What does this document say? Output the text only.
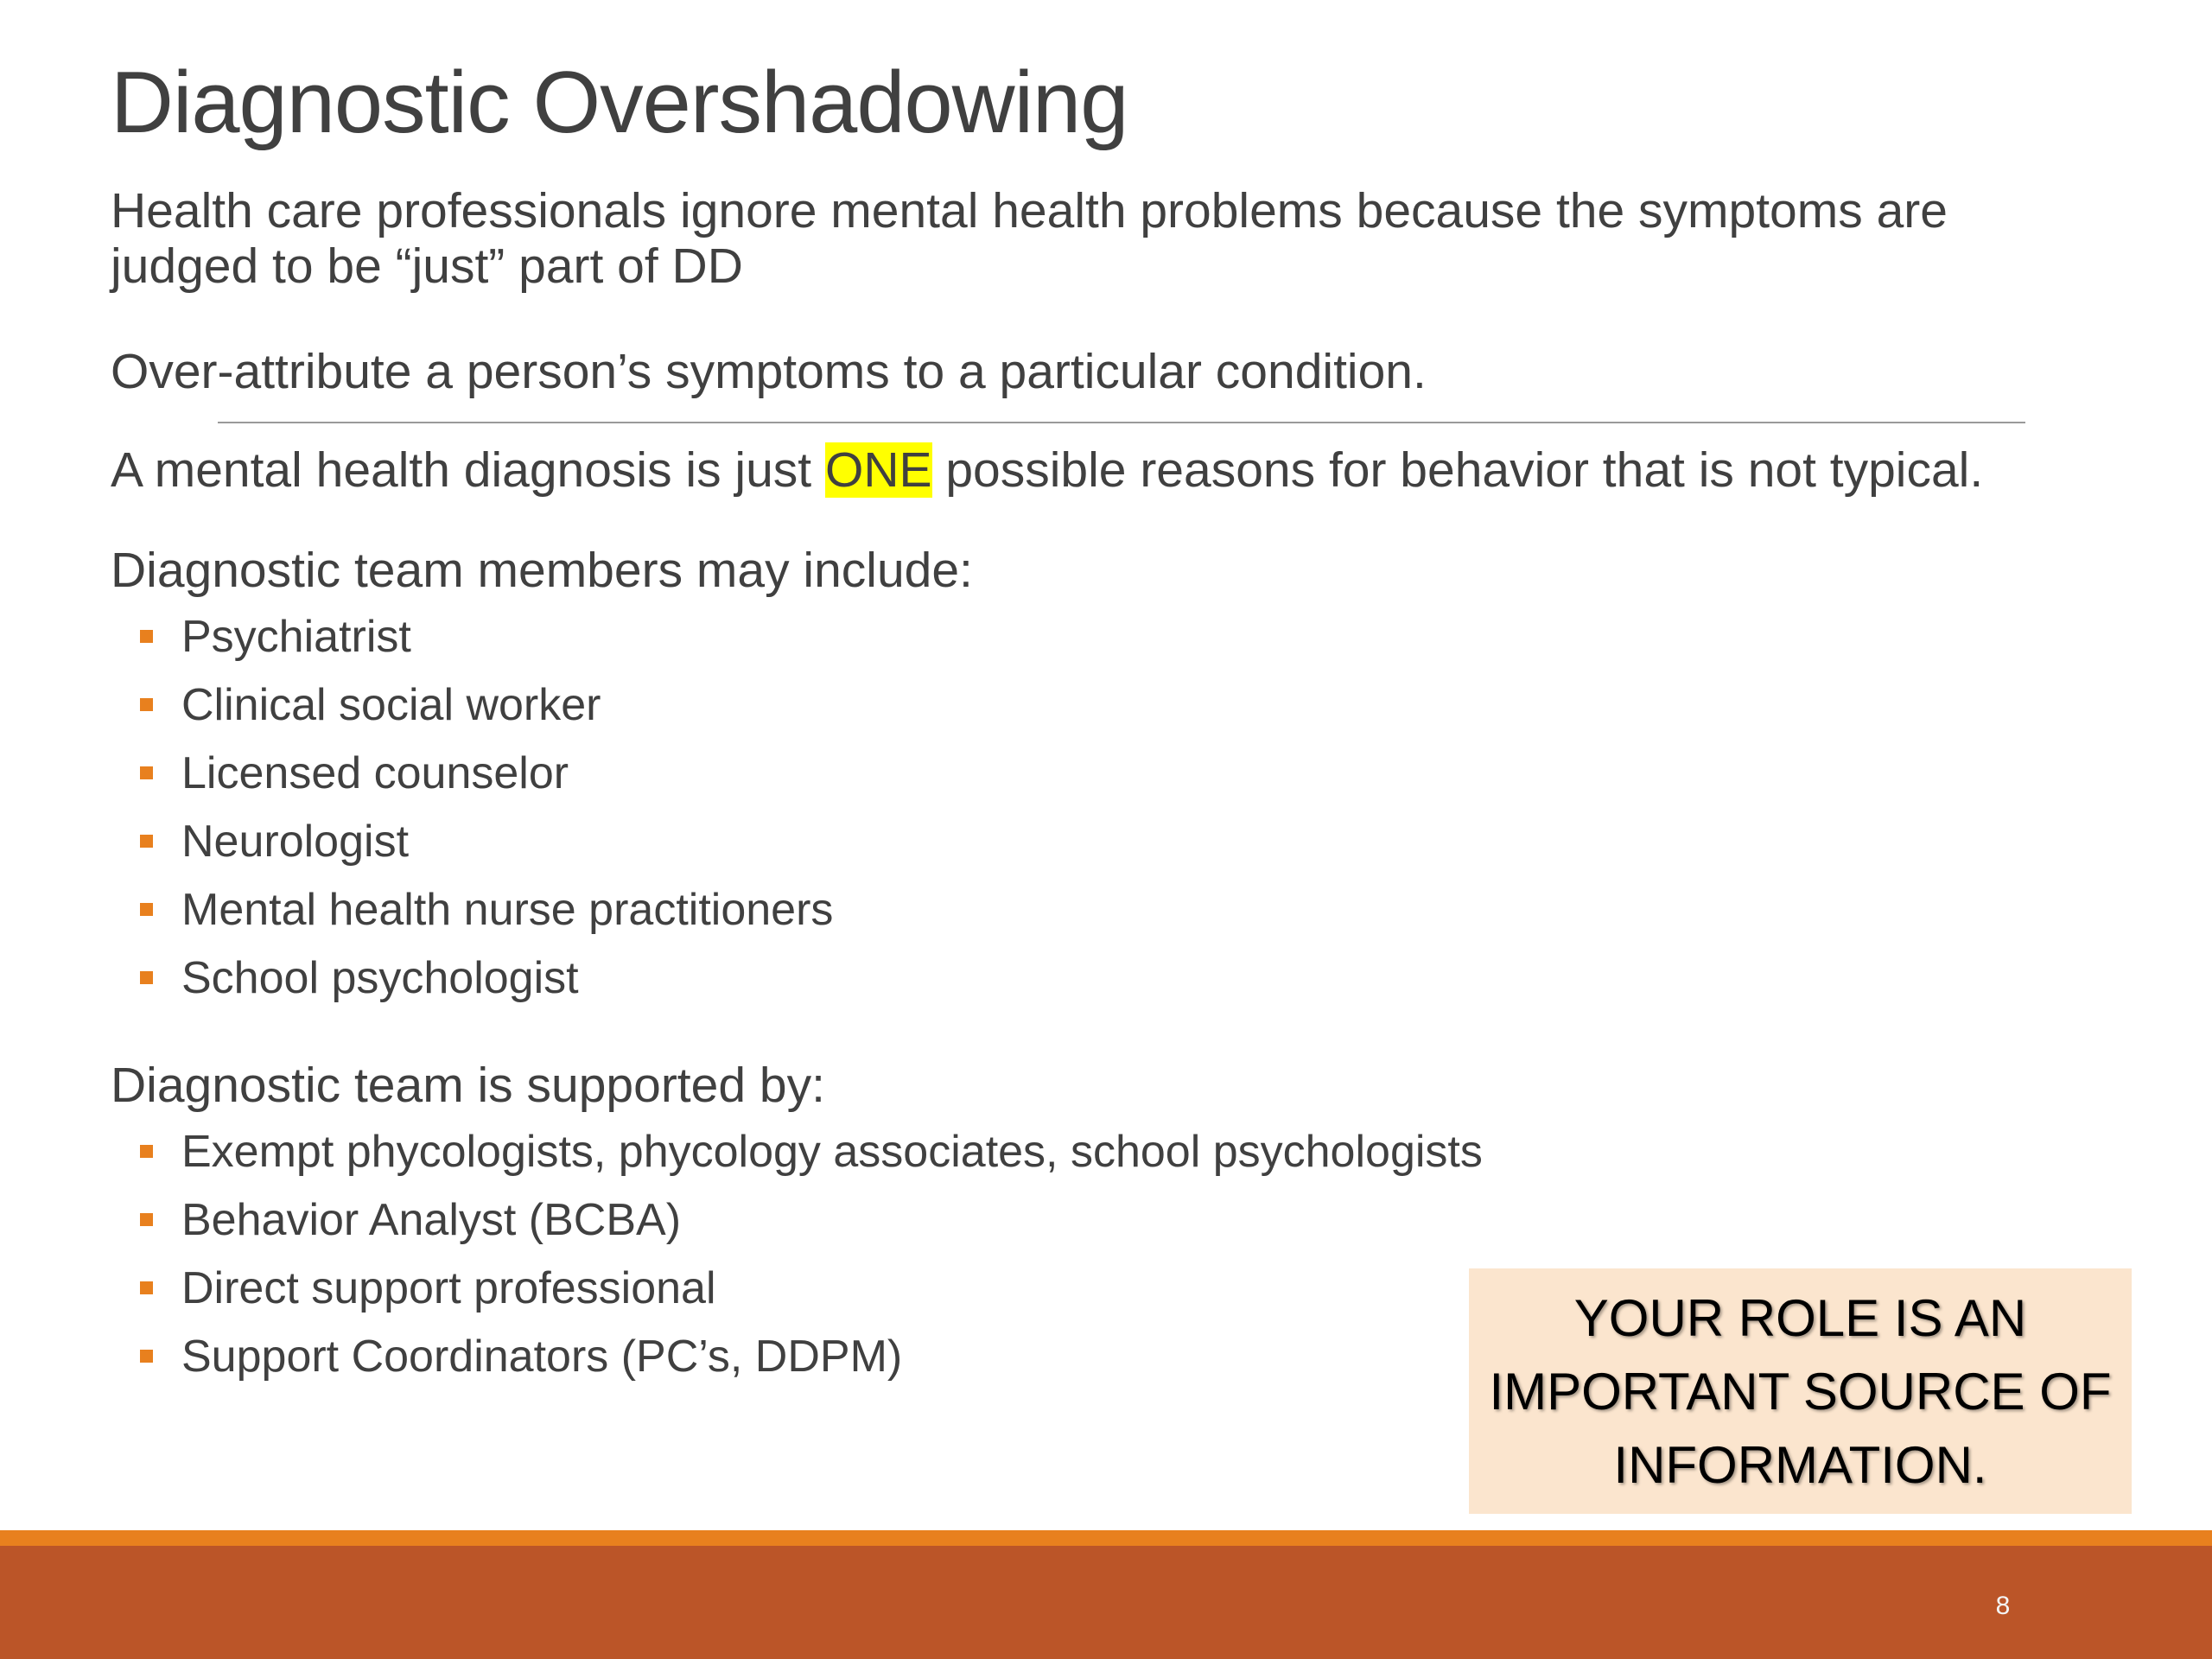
Diagnostic Overshadowing

Health care professionals ignore mental health problems because the symptoms are judged to be “just” part of DD

Over-attribute a person’s symptoms to a particular condition.

A mental health diagnosis is just ONE possible reasons for behavior that is not typical.

Diagnostic team members may include:

Psychiatrist
Clinical social worker
Licensed counselor
Neurologist
Mental health nurse practitioners
School psychologist

Diagnostic team is supported by:

Exempt phycologists, phycology associates, school psychologists
Behavior Analyst (BCBA)
Direct support professional
Support Coordinators (PC’s, DDPM)
YOUR ROLE IS AN IMPORTANT SOURCE OF INFORMATION.
8
